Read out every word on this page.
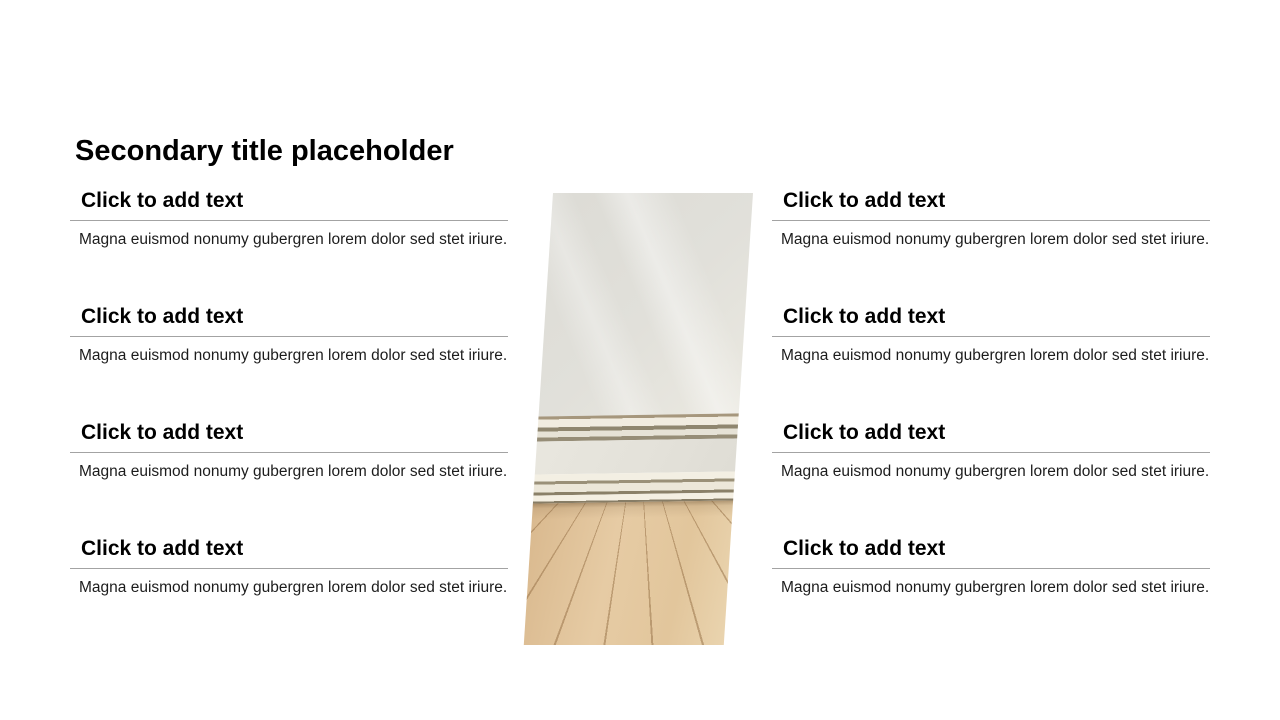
Secondary title placeholder
Click to add text

Magna euismod nonumy gubergren lorem dolor sed stet iriure.

Click to add text

Magna euismod nonumy gubergren lorem dolor sed stet iriure.

Click to add text

Magna euismod nonumy gubergren lorem dolor sed stet iriure.

Click to add text

Magna euismod nonumy gubergren lorem dolor sed stet iriure.

Click to add text

Magna euismod nonumy gubergren lorem dolor sed stet iriure.

Click to add text

Magna euismod nonumy gubergren lorem dolor sed stet iriure.

Click to add text

Magna euismod nonumy gubergren lorem dolor sed stet iriure.

Click to add text

Magna euismod nonumy gubergren lorem dolor sed stet iriure.
